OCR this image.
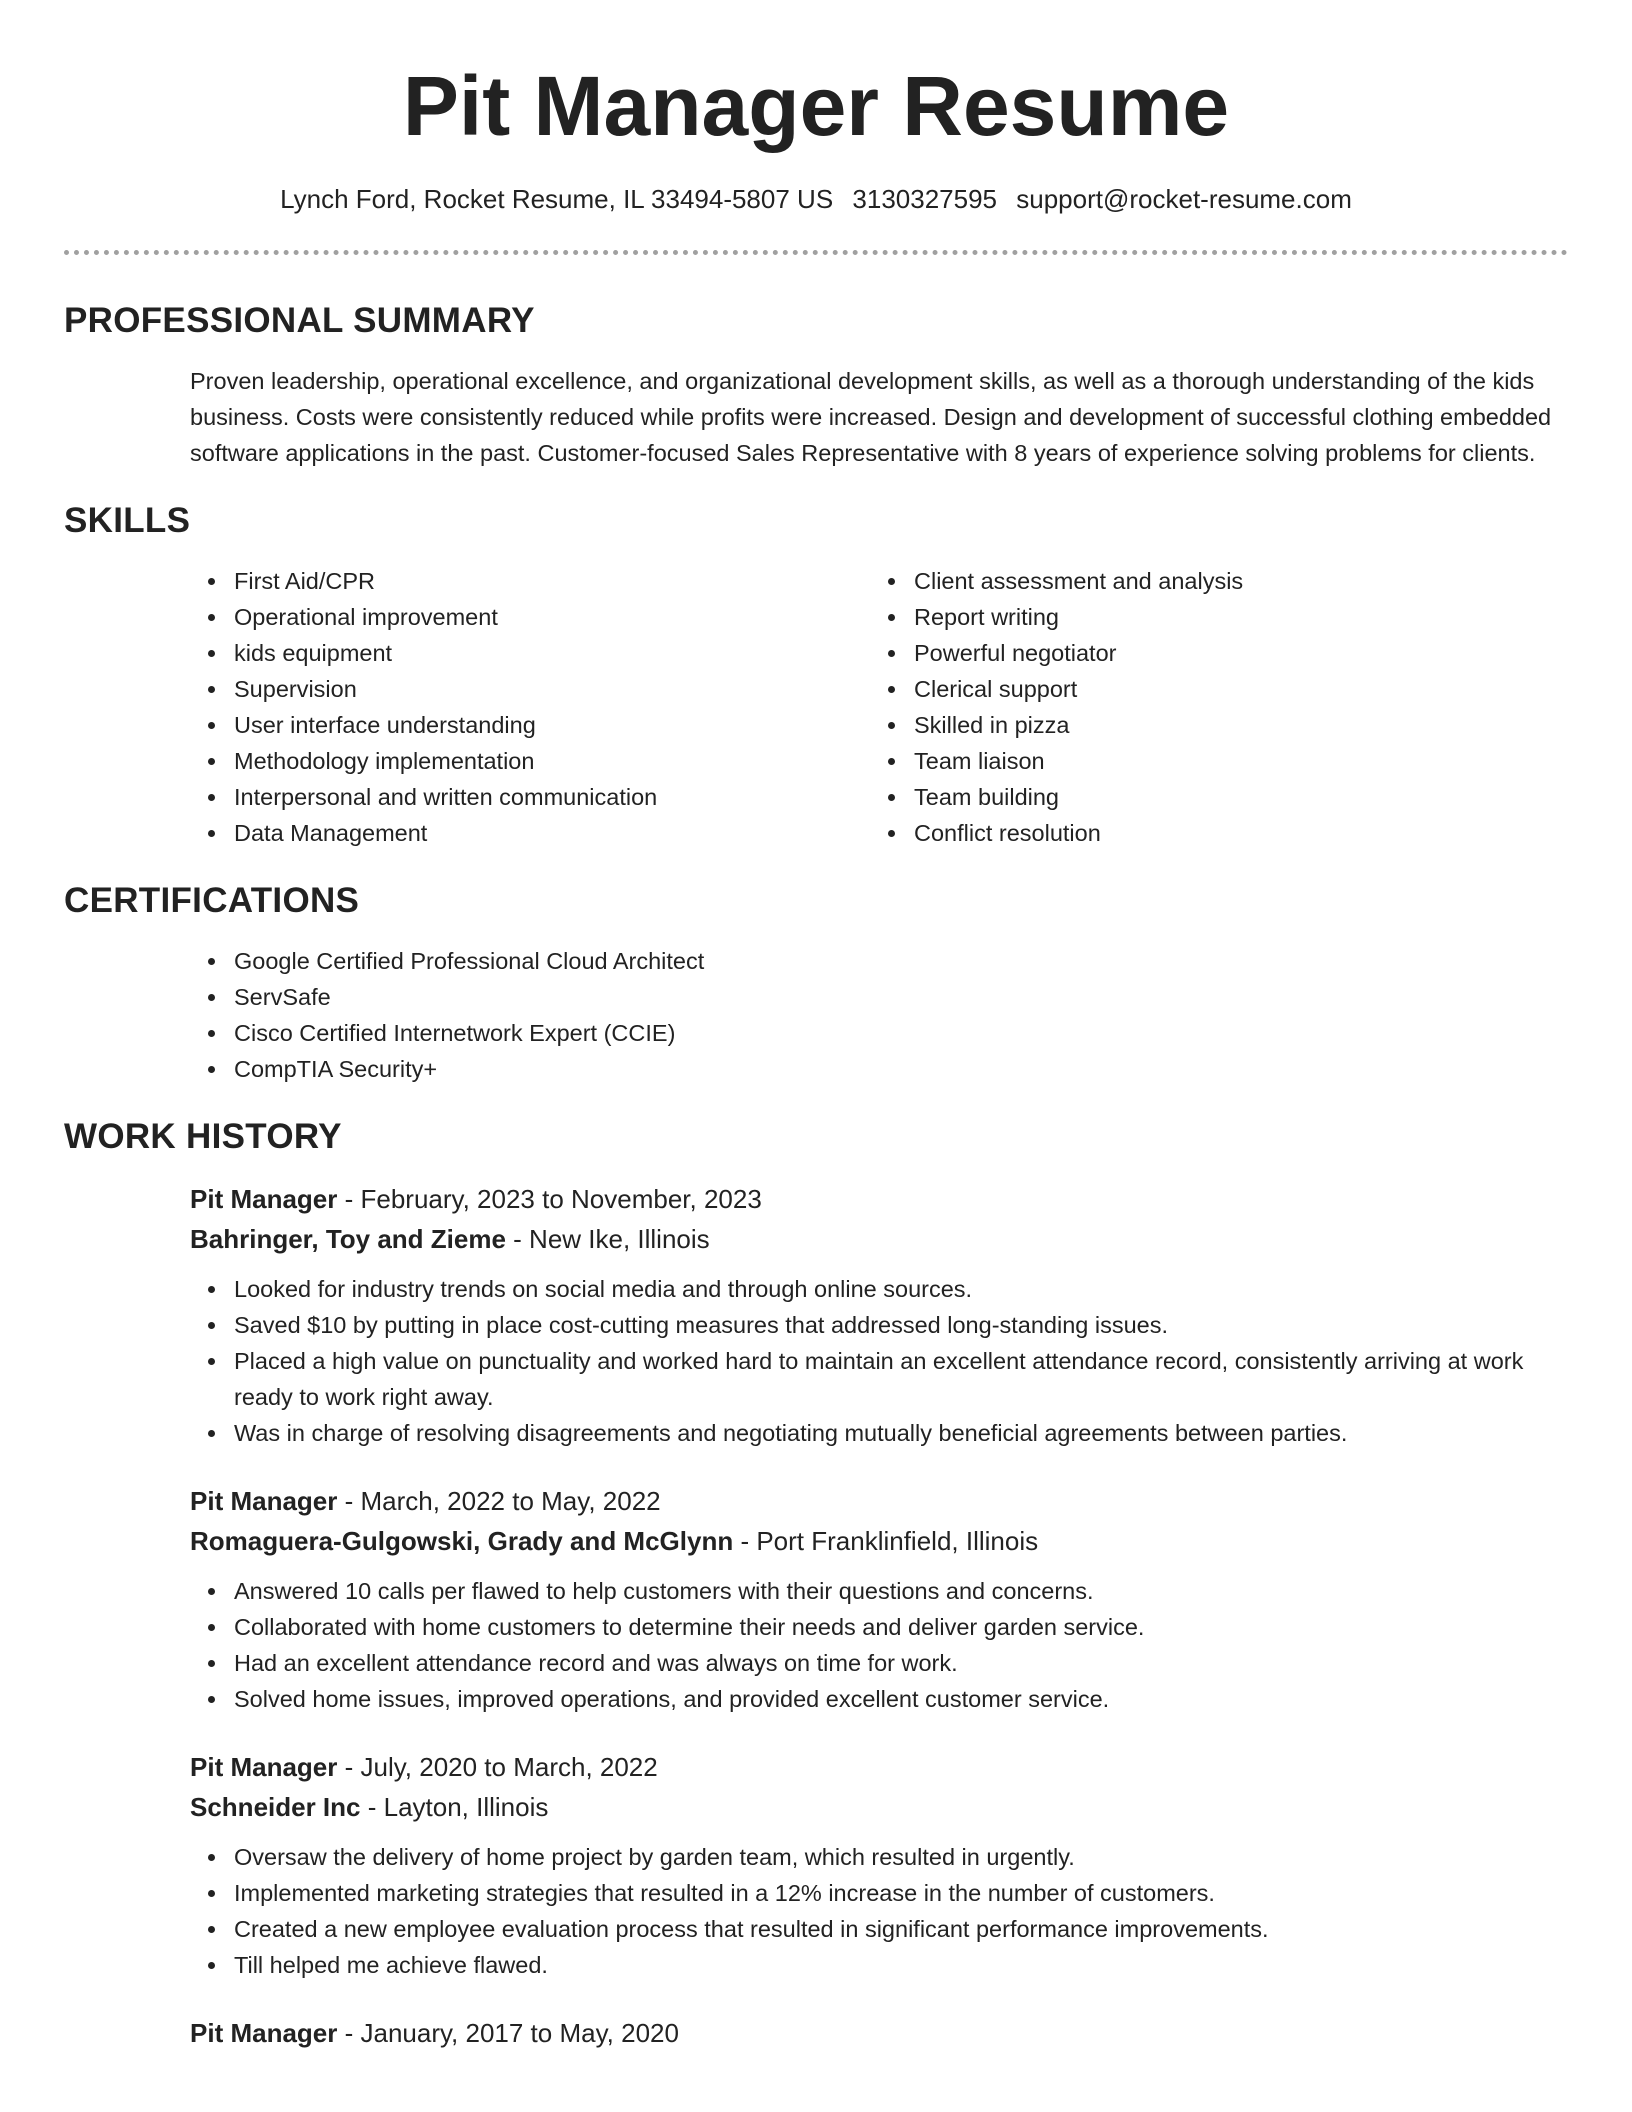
Pit Manager Resume
Lynch Ford, Rocket Resume, IL 33494-5807 US 3130327595 support@rocket-resume.com
PROFESSIONAL SUMMARY

Proven leadership, operational excellence, and organizational development skills, as well as a thorough understanding of the kids business. Costs were consistently reduced while profits were increased. Design and development of successful clothing embedded software applications in the past. Customer-focused Sales Representative with 8 years of experience solving problems for clients.

SKILLS
First Aid/CPR
Operational improvement
kids equipment
Supervision
User interface understanding
Methodology implementation
Interpersonal and written communication
Data Management
Client assessment and analysis
Report writing
Powerful negotiator
Clerical support
Skilled in pizza
Team liaison
Team building
Conflict resolution
CERTIFICATIONS
Google Certified Professional Cloud Architect
ServSafe
Cisco Certified Internetwork Expert (CCIE)
CompTIA Security+
WORK HISTORY
Pit Manager - February, 2023 to November, 2023
Bahringer, Toy and Zieme - New Ike, Illinois
Looked for industry trends on social media and through online sources.
Saved $10 by putting in place cost-cutting measures that addressed long-standing issues.
Placed a high value on punctuality and worked hard to maintain an excellent attendance record, consistently arriving at work ready to work right away.
Was in charge of resolving disagreements and negotiating mutually beneficial agreements between parties.
Pit Manager - March, 2022 to May, 2022
Romaguera-Gulgowski, Grady and McGlynn - Port Franklinfield, Illinois
Answered 10 calls per flawed to help customers with their questions and concerns.
Collaborated with home customers to determine their needs and deliver garden service.
Had an excellent attendance record and was always on time for work.
Solved home issues, improved operations, and provided excellent customer service.
Pit Manager - July, 2020 to March, 2022
Schneider Inc - Layton, Illinois
Oversaw the delivery of home project by garden team, which resulted in urgently.
Implemented marketing strategies that resulted in a 12% increase in the number of customers.
Created a new employee evaluation process that resulted in significant performance improvements.
Till helped me achieve flawed.
Pit Manager - January, 2017 to May, 2020
